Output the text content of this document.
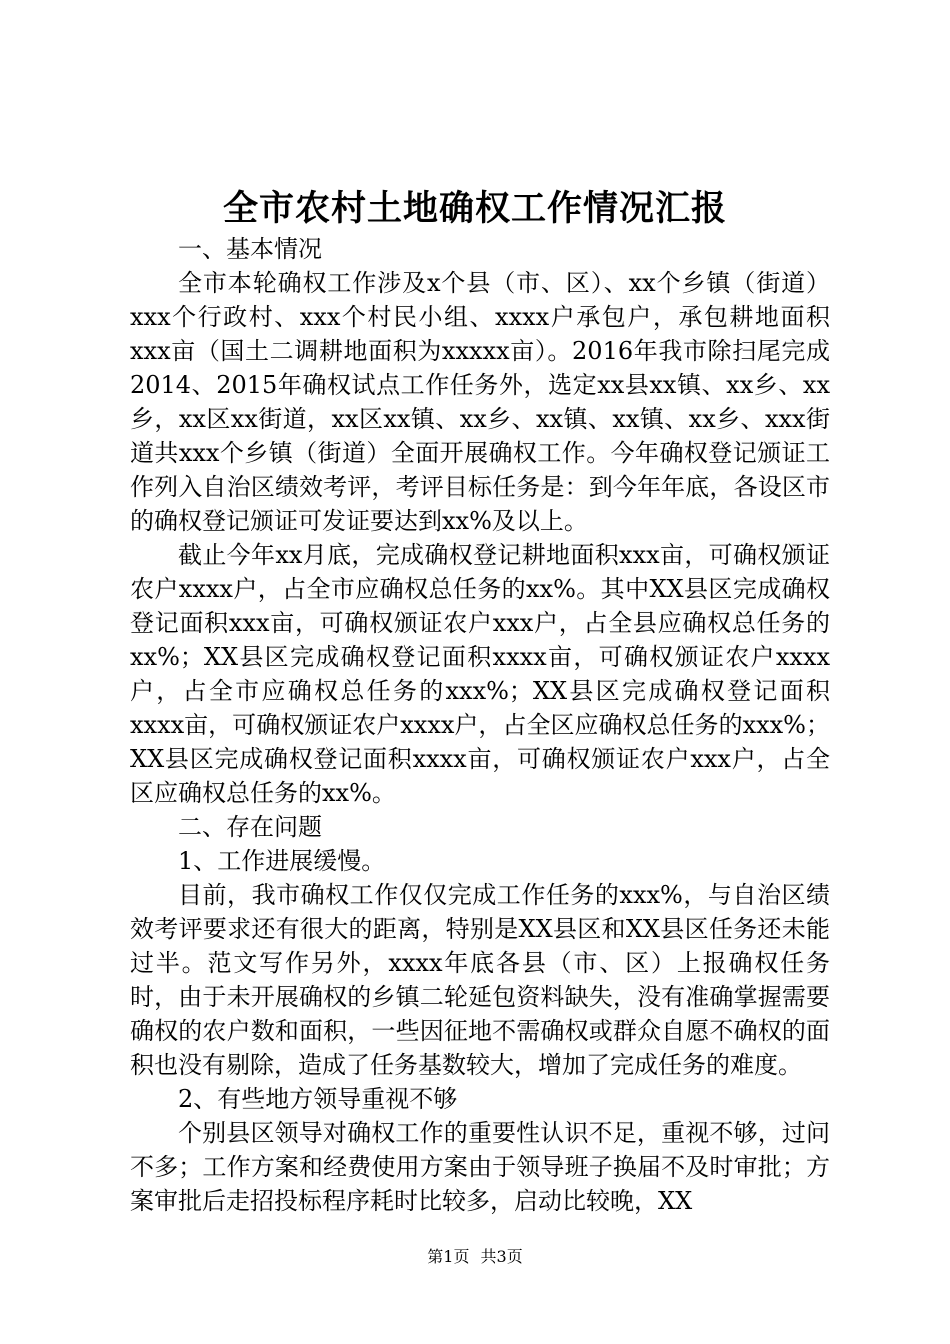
全市农村土地确权工作情况汇报

一、基本情况

全市本轮确权工作涉及x个县（市、区）、xx个乡镇（街道）xxx个行政村、xxx个村民小组、xxxx户承包户，承包耕地面积xxx亩（国土二调耕地面积为xxxxx亩）。2016年我市除扫尾完成2014、2015年确权试点工作任务外，选定xx县xx镇、xx乡、xx乡，xx区xx街道，xx区xx镇、xx乡、xx镇、xx镇、xx乡、xxx街道共xxx个乡镇（街道）全面开展确权工作。今年确权登记颁证工作列入自治区绩效考评，考评目标任务是：到今年年底，各设区市的确权登记颁证可发证要达到xx%及以上。

截止今年xx月底，完成确权登记耕地面积xxx亩，可确权颁证农户xxxx户，占全市应确权总任务的xx%。其中XX县区完成确权登记面积xxx亩，可确权颁证农户xxx户，占全县应确权总任务的xx%；XX县区完成确权登记面积xxxx亩，可确权颁证农户xxxx户，占全市应确权总任务的xxx%；XX县区完成确权登记面积xxxx亩，可确权颁证农户xxxx户，占全区应确权总任务的xxx%；XX县区完成确权登记面积xxxx亩，可确权颁证农户xxx户，占全区应确权总任务的xx%。

二、存在问题

1、工作进展缓慢。

目前，我市确权工作仅仅完成工作任务的xxx%，与自治区绩效考评要求还有很大的距离，特别是XX县区和XX县区任务还未能过半。范文写作另外，xxxx年底各县（市、区）上报确权任务时，由于未开展确权的乡镇二轮延包资料缺失，没有准确掌握需要确权的农户数和面积，一些因征地不需确权或群众自愿不确权的面积也没有剔除，造成了任务基数较大，增加了完成任务的难度。

2、有些地方领导重视不够

个别县区领导对确权工作的重要性认识不足，重视不够，过问不多；工作方案和经费使用方案由于领导班子换届不及时审批；方案审批后走招投标程序耗时比较多，启动比较晚，XX

第1页 共3页
